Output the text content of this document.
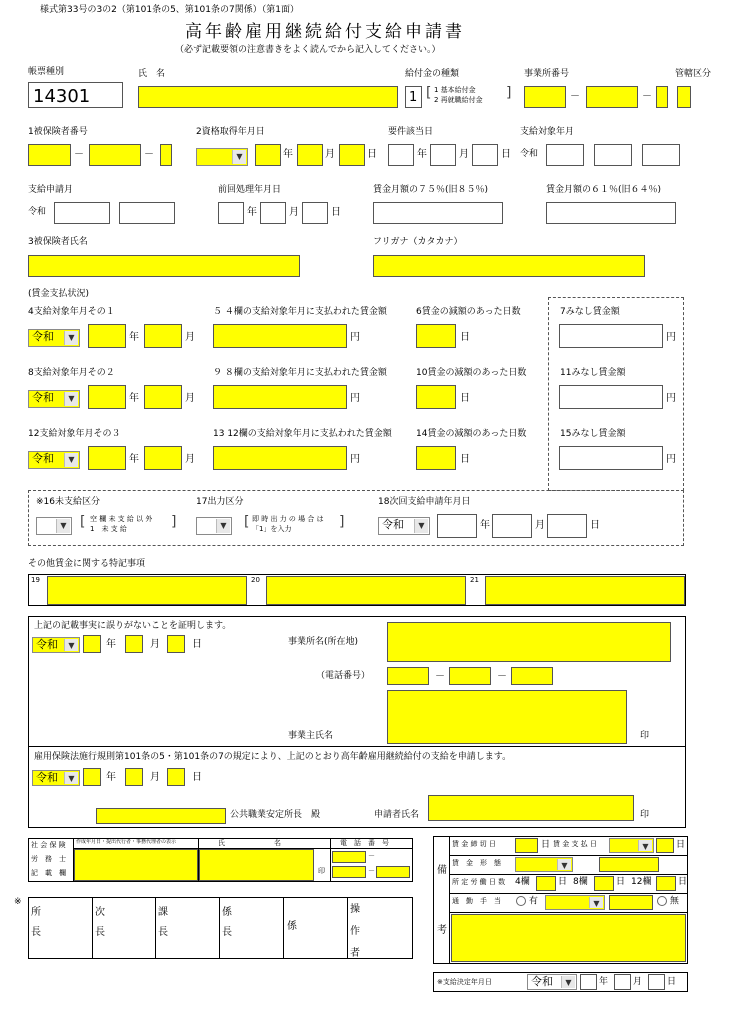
様式第33号の3の2（第101条の5、第101条の7関係）（第1面）
高年齢雇用継続給付支給申請書
（必ず記載要領の注意書きをよく読んでから記入してください。）
帳票種別
14301
氏　名	給付金の種類
1 [ 1 基本給付金
2 再就職給付金 ]
事業所番号
－	－
管轄区分
1被保険者番号
－	－
2資格取得年月日
▼	年	月	日
要件該当日
年	月	日
支給対象年月
令和
支給申請月
令和
前回処理年月日
年	月	日
賃金月額の７５％(旧８５％)	賃金月額の６１％(旧６４％)
3被保険者氏名	フリガナ（カタカナ）
(賃金支払状況)
4支給対象年月その１
令和	▼	年	月
５ ４欄の支給対象年月に支払われた賃金額
円
6賃金の減額のあった日数
日
7みなし賃金額
円
8支給対象年月その２
令和	▼	年	月
９ ８欄の支給対象年月に支払われた賃金額
円
10賃金の減額のあった日数
日
11みなし賃金額
円
12支給対象年月その３
令和	▼	年	月
13 12欄の支給対象年月に支払われた賃金額
円
14賃金の減額のあった日数
日
15みなし賃金額
円
※16未支給区分
▼ [ 空 欄 未 支 給 以 外
1　未 支 給	]
17出力区分
▼ [ 即 時 出 力 の 場 合 は
「1」を入力	]
18次回支給申請年月日
令和	▼	年	月	日
その他賃金に関する特記事項
19	20	21
上記の記載事実に誤りがないことを証明します。
令和	▼	年	月	日	事業所名(所在地)
（電話番号）	－	－
事業主氏名	印
雇用保険法施行規則第101条の5・第101条の7の規定により、上記のとおり高年齢雇用継続給付の支給を申請します。
令和	▼	年	月	日
公共職業安定所長　殿	申請者氏名	印
社 会 保 険
労　務　士
記　載　欄
作成年月日・提出代行者・事務代理者の表示	氏　　　　　　　名	電　話　番　号
印
－
－
※
所

長
次

長
課

長
係

長
係
操

作

者
備
考
賃 金 締 切 日	日 賃 金 支 払 日	▼	日
賃　金　形　態	▼
所 定 労 働 日 数 4欄	日 8欄	日 12欄	日
通　勤　手　当	有	▼	無
※支給決定年月日	令和	▼	年	月	日
